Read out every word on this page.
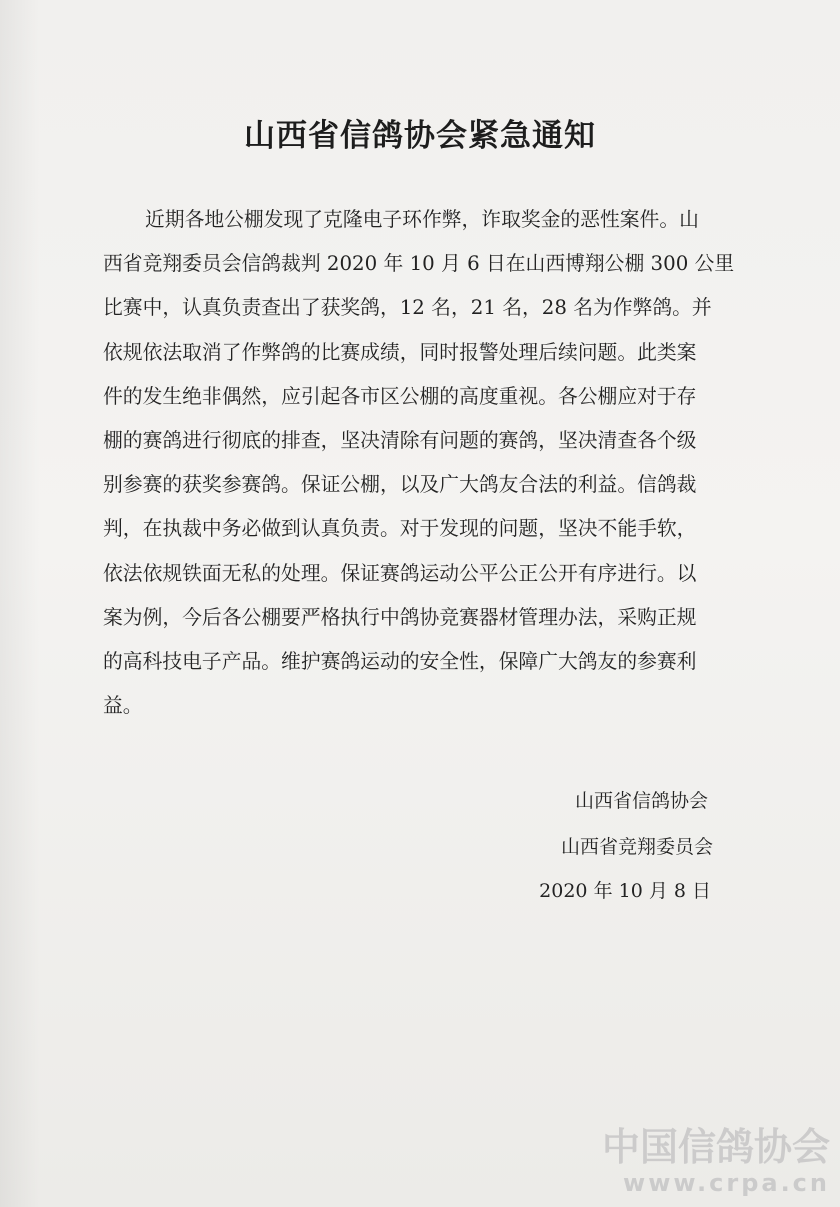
山西省信鸽协会紧急通知
近期各地公棚发现了克隆电子环作弊，诈取奖金的恶性案件。山
西省竞翔委员会信鸽裁判 2020 年 10 月 6 日在山西博翔公棚 300 公里
比赛中，认真负责查出了获奖鸽，12 名，21 名，28 名为作弊鸽。并
依规依法取消了作弊鸽的比赛成绩，同时报警处理后续问题。此类案
件的发生绝非偶然，应引起各市区公棚的高度重视。各公棚应对于存
棚的赛鸽进行彻底的排查，坚决清除有问题的赛鸽，坚决清查各个级
别参赛的获奖参赛鸽。保证公棚，以及广大鸽友合法的利益。信鸽裁
判，在执裁中务必做到认真负责。对于发现的问题，坚决不能手软，
依法依规铁面无私的处理。保证赛鸽运动公平公正公开有序进行。以
案为例，今后各公棚要严格执行中鸽协竞赛器材管理办法，采购正规
的高科技电子产品。维护赛鸽运动的安全性，保障广大鸽友的参赛利
益。
山西省信鸽协会
山西省竞翔委员会
2020 年 10 月 8 日
中国信鸽协会
www.crpa.cn
